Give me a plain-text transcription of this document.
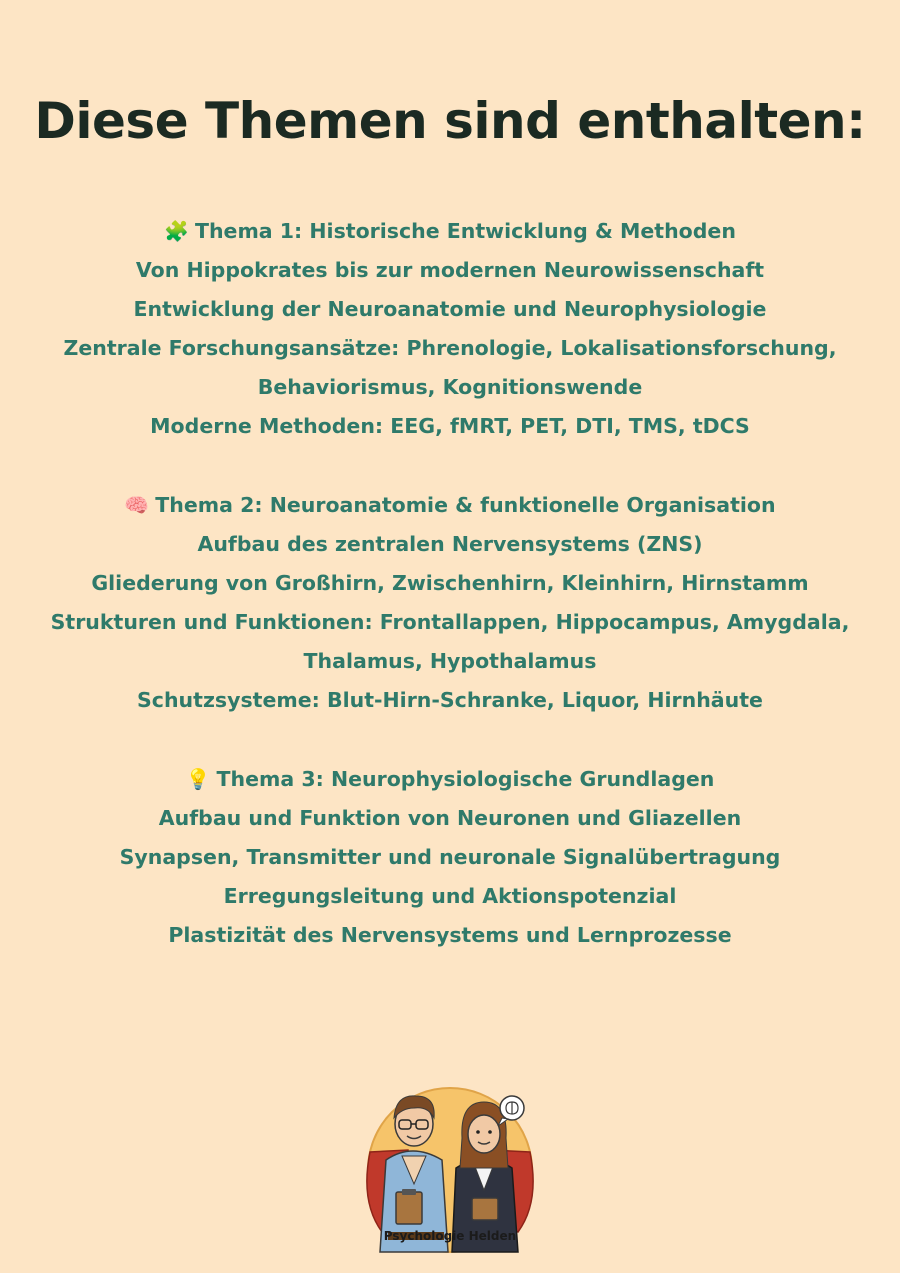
Diese Themen sind enthalten:
🧩 Thema 1: Historische Entwicklung & Methoden
Von Hippokrates bis zur modernen Neurowissenschaft
Entwicklung der Neuroanatomie und Neurophysiologie
Zentrale Forschungsansätze: Phrenologie, Lokalisationsforschung,
Behaviorismus, Kognitionswende
Moderne Methoden: EEG, fMRT, PET, DTI, TMS, tDCS
🧠 Thema 2: Neuroanatomie & funktionelle Organisation
Aufbau des zentralen Nervensystems (ZNS)
Gliederung von Großhirn, Zwischenhirn, Kleinhirn, Hirnstamm
Strukturen und Funktionen: Frontallappen, Hippocampus, Amygdala,
Thalamus, Hypothalamus
Schutzsysteme: Blut-Hirn-Schranke, Liquor, Hirnhäute
💡 Thema 3: Neurophysiologische Grundlagen
Aufbau und Funktion von Neuronen und Gliazellen
Synapsen, Transmitter und neuronale Signalübertragung
Erregungsleitung und Aktionspotenzial
Plastizität des Nervensystems und Lernprozesse
Psychologie Helden
